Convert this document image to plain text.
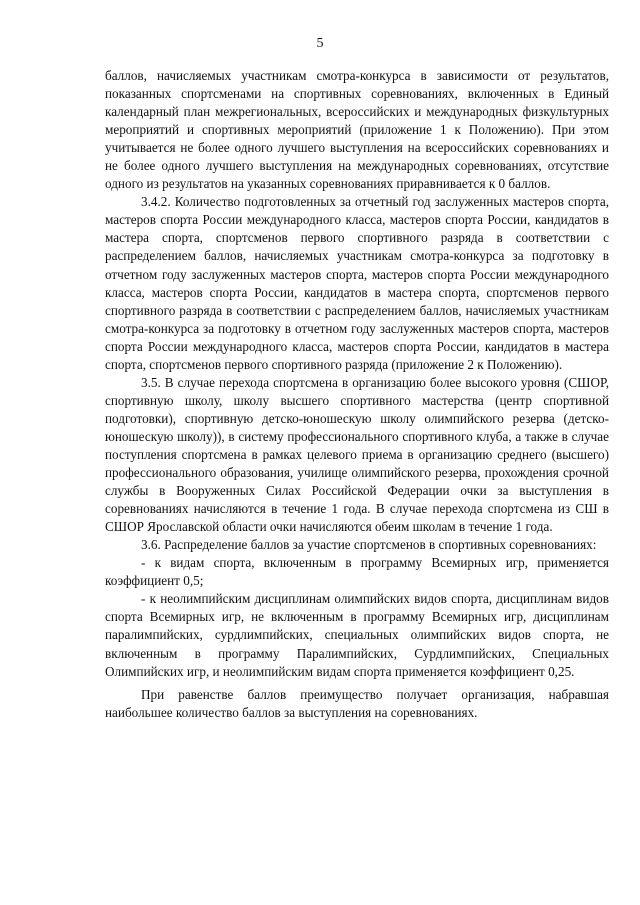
5

баллов, начисляемых участникам смотра-конкурса в зависимости от результатов, показанных спортсменами на спортивных соревнованиях, включенных в Единый календарный план межрегиональных, всероссийских и международных физкультурных мероприятий и спортивных мероприятий (приложение 1 к Положению). При этом учитывается не более одного лучшего выступления на всероссийских соревнованиях и не более одного лучшего выступления на международных соревнованиях, отсутствие одного из результатов на указанных соревнованиях приравнивается к 0 баллов.

3.4.2. Количество подготовленных за отчетный год заслуженных мастеров спорта, мастеров спорта России международного класса, мастеров спорта России, кандидатов в мастера спорта, спортсменов первого спортивного разряда в соответствии с распределением баллов, начисляемых участникам смотра-конкурса за подготовку в отчетном году заслуженных мастеров спорта, мастеров спорта России международного класса, мастеров спорта России, кандидатов в мастера спорта, спортсменов первого спортивного разряда в соответствии с распределением баллов, начисляемых участникам смотра-конкурса за подготовку в отчетном году заслуженных мастеров спорта, мастеров спорта России международного класса, мастеров спорта России, кандидатов в мастера спорта, спортсменов первого спортивного разряда (приложение 2 к Положению).

3.5. В случае перехода спортсмена в организацию более высокого уровня (СШОР, спортивную школу, школу высшего спортивного мастерства (центр спортивной подготовки), спортивную детско-юношескую школу олимпийского резерва (детско-юношескую школу)), в систему профессионального спортивного клуба, а также в случае поступления спортсмена в рамках целевого приема в организацию среднего (высшего) профессионального образования, училище олимпийского резерва, прохождения срочной службы в Вооруженных Силах Российской Федерации очки за выступления в соревнованиях начисляются в течение 1 года. В случае перехода спортсмена из СШ в СШОР Ярославской области очки начисляются обеим школам в течение 1 года.

3.6. Распределение баллов за участие спортсменов в спортивных соревнованиях:

- к видам спорта, включенным в программу Всемирных игр, применяется коэффициент 0,5;

- к неолимпийским дисциплинам олимпийских видов спорта, дисциплинам видов спорта Всемирных игр, не включенным в программу Всемирных игр, дисциплинам паралимпийских, сурдлимпийских, специальных олимпийских видов спорта, не включенным в программу Паралимпийских, Сурдлимпийских, Специальных Олимпийских игр, и неолимпийским видам спорта применяется коэффициент 0,25.

При равенстве баллов преимущество получает организация, набравшая наибольшее количество баллов за выступления на соревнованиях.
